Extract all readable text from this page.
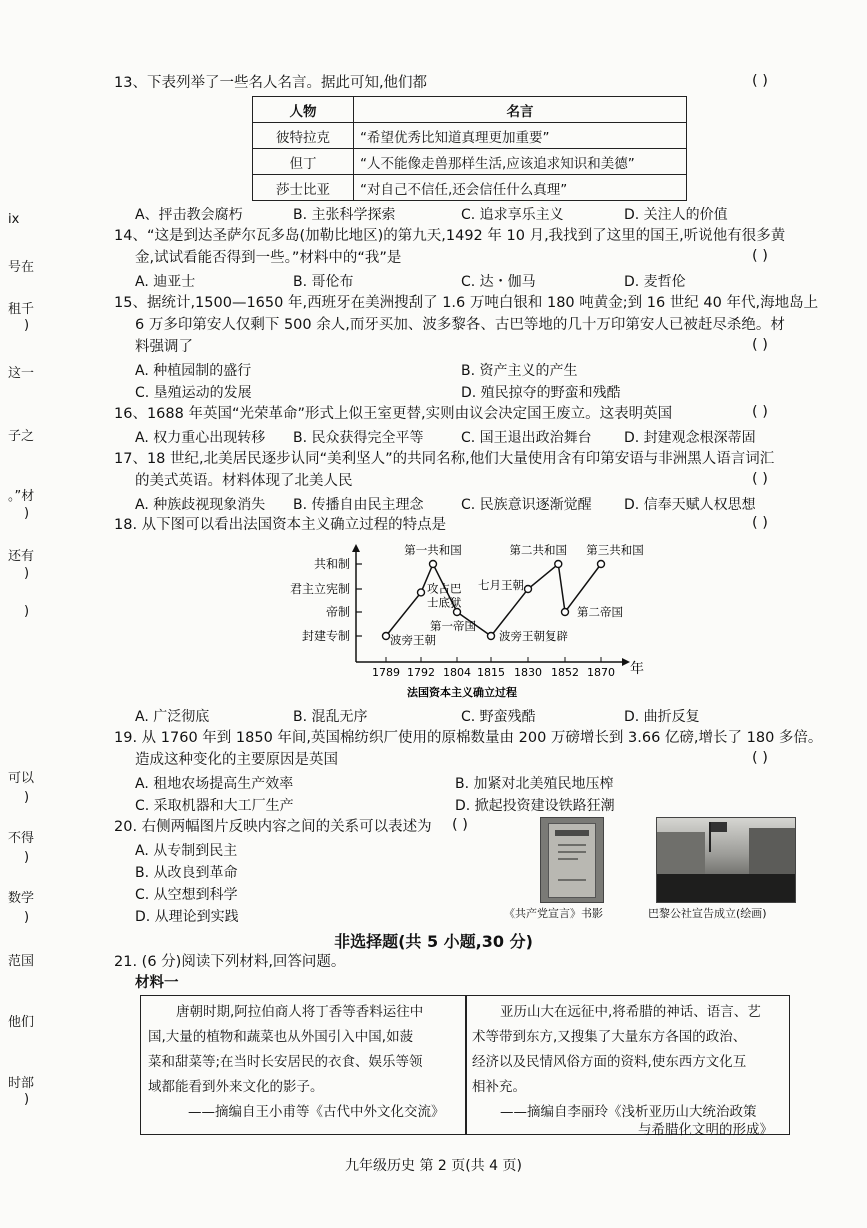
ix
号在
租千
)
这一
子之
。”材
)
还有
)
)
可以
)
不得
)
数学
)
范国
他们
时部
)
13、下表列举了一些名人名言。据此可知,他们都	( )
人物	名言
彼特拉克	“希望优秀比知道真理更加重要”
但丁	“人不能像走兽那样生活,应该追求知识和美德”
莎士比亚	“对自己不信任,还会信任什么真理”
A、抨击教会腐朽	B. 主张科学探索	C. 追求享乐主义	D. 关注人的价值
14、“这是到达圣萨尔瓦多岛(加勒比地区)的第九天,1492 年 10 月,我找到了这里的国王,听说他有很多黄
金,试试看能否得到一些。”材料中的“我”是	( )
A. 迪亚士	B. 哥伦布	C. 达・伽马	D. 麦哲伦
15、据统计,1500—1650 年,西班牙在美洲搜刮了 1.6 万吨白银和 180 吨黄金;到 16 世纪 40 年代,海地岛上
6 万多印第安人仅剩下 500 余人,而牙买加、波多黎各、古巴等地的几十万印第安人已被赶尽杀绝。材
料强调了	( )
A. 种植园制的盛行	B. 资产主义的产生
C. 垦殖运动的发展	D. 殖民掠夺的野蛮和残酷
16、1688 年英国“光荣革命”形式上似王室更替,实则由议会决定国王废立。这表明英国	( )
A. 权力重心出现转移 B. 民众获得完全平等	C. 国王退出政治舞台 D. 封建观念根深蒂固
17、18 世纪,北美居民逐步认同“美利坚人”的共同名称,他们大量使用含有印第安语与非洲黑人语言词汇
的美式英语。材料体现了北美人民	( )
A. 种族歧视现象消失 B. 传播自由民主理念	C. 民族意识逐渐觉醒 D. 信奉天赋人权思想
18. 从下图可以看出法国资本主义确立过程的特点是	( )
封建专制
帝制
君主立宪制
共和制
1789 1792 1804 1815 1830 1852 1870
波旁王朝
攻占巴士底狱
第一共和国
第一帝国
波旁王朝复辟
七月王朝
第二共和国
第二帝国
第三共和国
年
法国资本主义确立过程
A. 广泛彻底	B. 混乱无序	C. 野蛮残酷	D. 曲折反复
19. 从 1760 年到 1850 年间,英国棉纺织厂使用的原棉数量由 200 万磅增长到 3.66 亿磅,增长了 180 多倍。
造成这种变化的主要原因是英国	( )
A. 租地农场提高生产效率	B. 加紧对北美殖民地压榨
C. 采取机器和大工厂生产	D. 掀起投资建设铁路狂潮
20. 右侧两幅图片反映内容之间的关系可以表述为 ( )
A. 从专制到民主
B. 从改良到革命
C. 从空想到科学
D. 从理论到实践	《共产党宣言》书影	巴黎公社宣告成立(绘画)
非选择题(共 5 小题,30 分)
21. (6 分)阅读下列材料,回答问题。
材料一
唐朝时期,阿拉伯商人将丁香等香料运往中
国,大量的植物和蔬菜也从外国引入中国,如菠
菜和甜菜等;在当时长安居民的衣食、娱乐等领
域都能看到外来文化的影子。
——摘编自王小甫等《古代中外文化交流》
亚历山大在远征中,将希腊的神话、语言、艺
术等带到东方,又搜集了大量东方各国的政治、
经济以及民情风俗方面的资料,使东西方文化互
相补充。
——摘编自李丽玲《浅析亚历山大统治政策
与希腊化文明的形成》
九年级历史 第 2 页(共 4 页)
